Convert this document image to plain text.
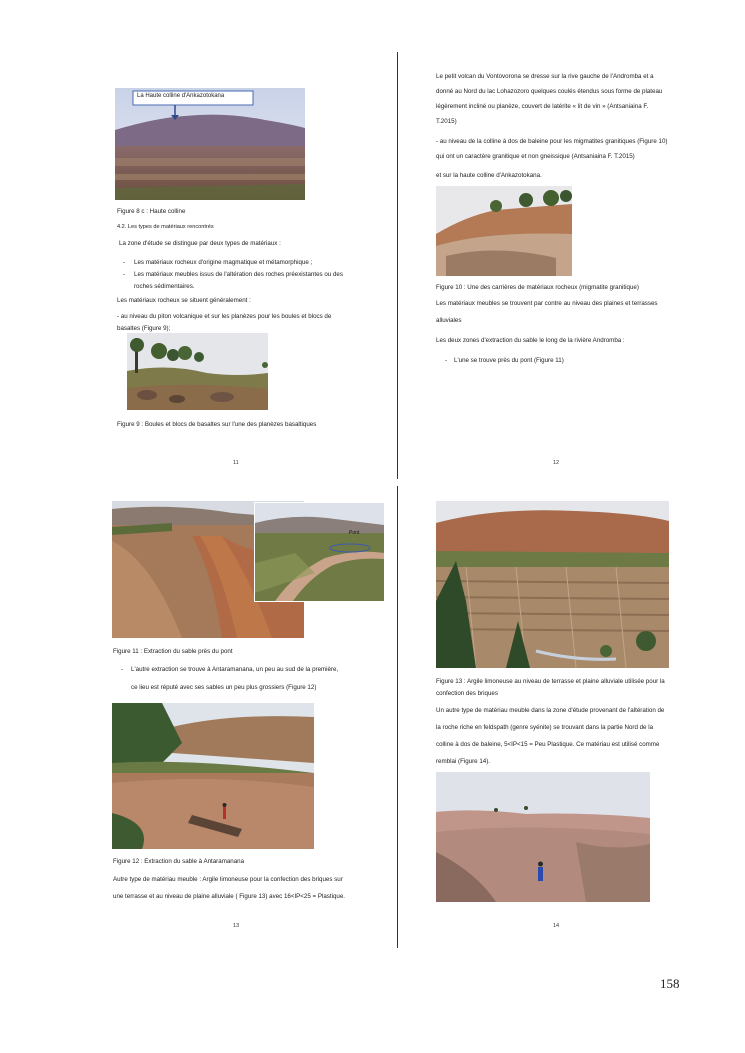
La Haute colline d'Ankazotokana
Figure 8 c : Haute colline
4.2. Les types de matériaux rencontrés
La zone d'étude se distingue par deux types de matériaux :
- Les matériaux rocheux d'origine magmatique et métamorphique ;
- Les matériaux meubles issus de l'altération des roches préexistantes ou des
roches sédimentaires.
Les matériaux rocheux se situent généralement :
- au niveau du piton volcanique et sur les planèzes pour les boules et blocs de
basaltes (Figure 9);
Figure 9 : Boules et blocs de basaltes sur l'une des planèzes basaltiques
11
Le petit volcan du Vontovorona se dresse sur la rive gauche de l'Andromba et a
donné au Nord du lac Lohazozoro quelques coulés étendus sous forme de plateau
légèrement incliné ou planèze, couvert de latérite « lit de vin » (Antsaniaina F.
T.2015)
- au niveau de la colline à dos de baleine pour les migmatites granitiques (Figure 10)
qui ont un caractère granitique et non gneissique (Antsaniaina F. T.2015)
et sur la haute colline d'Ankazotokana.
Figure 10 : Une des carrières de matériaux rocheux (migmatite granitique)
Les matériaux meubles se trouvent par contre au niveau des plaines et terrasses
alluviales
Les deux zones d'extraction du sable le long de la rivière Andromba :
- L'une se trouve près du pont (Figure 11)
12
Pont
Figure 11 : Extraction du sable près du pont
- L'autre extraction se trouve à Antaramanana, un peu au sud de la première,
ce lieu est réputé avec ses sables un peu plus grossiers (Figure 12)
Figure 12 : Extraction du sable à Antaramanana
Autre type de matériau meuble : Argile limoneuse pour la confection des briques sur
une terrasse et au niveau de plaine alluviale ( Figure 13) avec 16<IP<25 = Plastique.
13
Figure 13 : Argile limoneuse au niveau de terrasse et plaine alluviale utilisée pour la
confection des briques
Un autre type de matériau meuble dans la zone d'étude provenant de l'altération de
la roche riche en feldspath (genre syénite) se trouvant dans la partie Nord de la
colline à dos de baleine, 5<IP<15 = Peu Plastique. Ce matériau est utilisé comme
remblai (Figure 14).
14
158
